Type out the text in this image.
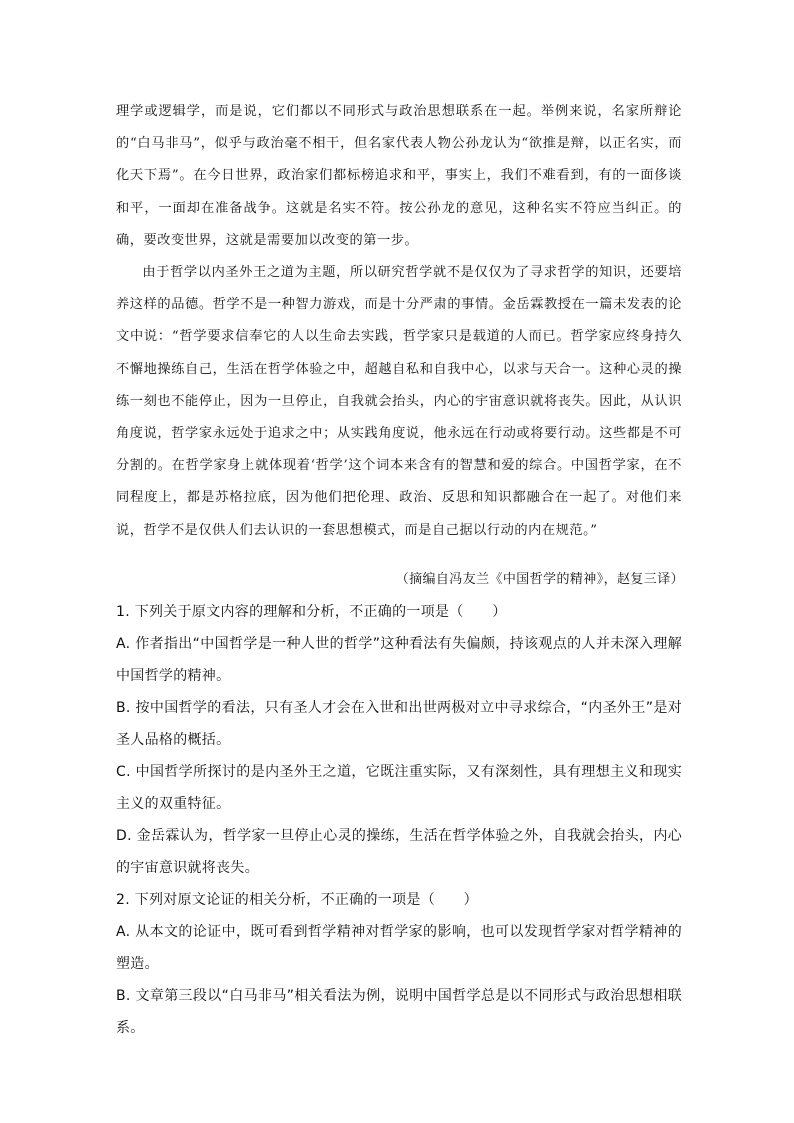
理学或逻辑学，而是说，它们都以不同形式与政治思想联系在一起。举例来说，名家所辩论的“白马非马”，似乎与政治毫不相干，但名家代表人物公孙龙认为“欲推是辩，以正名实，而化天下焉”。在今日世界，政治家们都标榜追求和平，事实上，我们不难看到，有的一面侈谈和平，一面却在准备战争。这就是名实不符。按公孙龙的意见，这种名实不符应当纠正。的确，要改变世界，这就是需要加以改变的第一步。

由于哲学以内圣外王之道为主题，所以研究哲学就不是仅仅为了寻求哲学的知识，还要培养这样的品德。哲学不是一种智力游戏，而是十分严肃的事情。金岳霖教授在一篇未发表的论文中说：“哲学要求信奉它的人以生命去实践，哲学家只是载道的人而已。哲学家应终身持久不懈地操练自己，生活在哲学体验之中，超越自私和自我中心，以求与天合一。这种心灵的操练一刻也不能停止，因为一旦停止，自我就会抬头，内心的宇宙意识就将丧失。因此，从认识角度说，哲学家永远处于追求之中；从实践角度说，他永远在行动或将要行动。这些都是不可分割的。在哲学家身上就体现着‘哲学’这个词本来含有的智慧和爱的综合。中国哲学家，在不同程度上，都是苏格拉底，因为他们把伦理、政治、反思和知识都融合在一起了。对他们来说，哲学不是仅供人们去认识的一套思想模式，而是自己据以行动的内在规范。”

（摘编自冯友兰《中国哲学的精神》，赵复三译）

1. 下列关于原文内容的理解和分析，不正确的一项是（　　）

A. 作者指出“中国哲学是一种人世的哲学”这种看法有失偏颇，持该观点的人并未深入理解中国哲学的精神。

B. 按中国哲学的看法，只有圣人才会在入世和出世两极对立中寻求综合，“内圣外王”是对圣人品格的概括。

C. 中国哲学所探讨的是内圣外王之道，它既注重实际，又有深刻性，具有理想主义和现实主义的双重特征。

D. 金岳霖认为，哲学家一旦停止心灵的操练，生活在哲学体验之外，自我就会抬头，内心的宇宙意识就将丧失。

2. 下列对原文论证的相关分析，不正确的一项是（　　）

A. 从本文的论证中，既可看到哲学精神对哲学家的影响，也可以发现哲学家对哲学精神的塑造。

B. 文章第三段以“白马非马”相关看法为例，说明中国哲学总是以不同形式与政治思想相联系。
